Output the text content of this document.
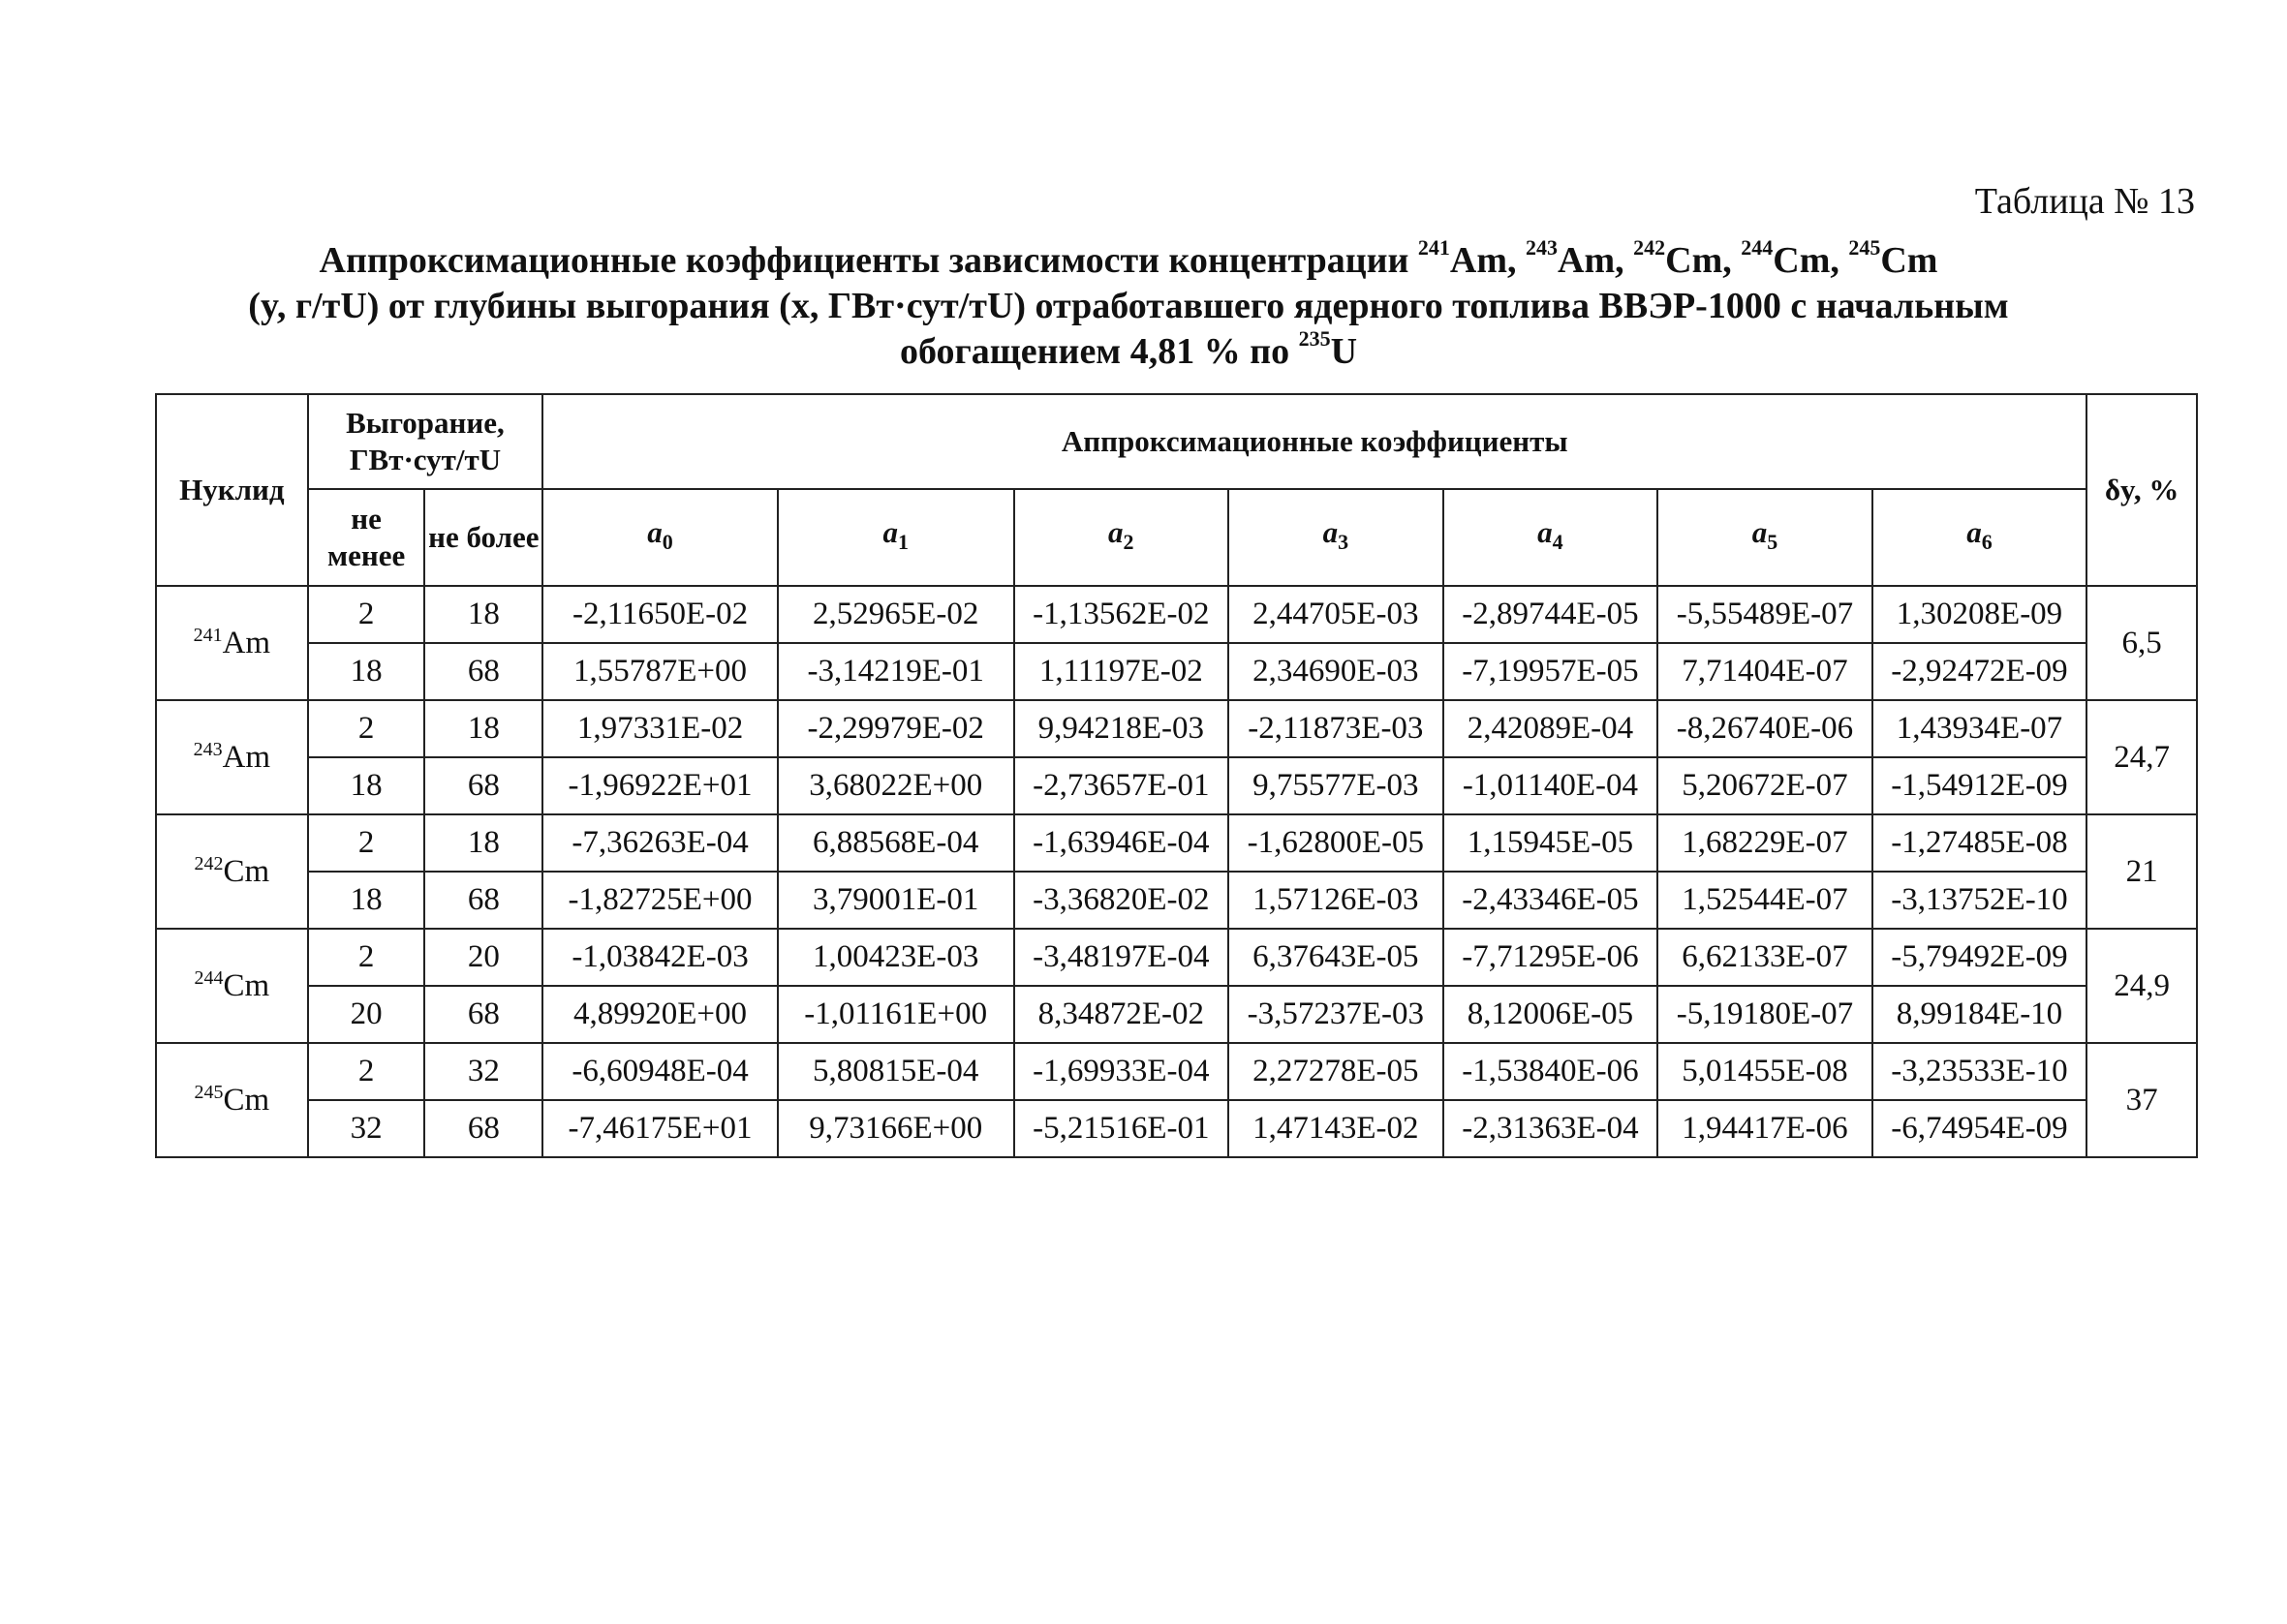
Таблица № 13
Аппроксимационные коэффициенты зависимости концентрации $^{241}$Am, $^{243}$Am, $^{242}$Cm, $^{244}$Cm, $^{245}$Cm
(y, г/тU) от глубины выгорания (x, ГВт·сут/тU) отработавшего ядерного топлива ВВЭР-1000 с начальным
обогащением 4,81 % по $^{235}$U
Нуклид	Выгорание, ГВт·сут/тU		Аппроксимационные коэффициенты							δy, %
	не менее	не более	$a_0$	$a_1$	$a_2$	$a_3$	$a_4$	$a_5$	$a_6$
$^{241}$Am	2	18	-2,11650E-02	2,52965E-02	-1,13562E-02	2,44705E-03	-2,89744E-05	-5,55489E-07	1,30208E-09	6,5
	18	68	1,55787E+00	-3,14219E-01	1,11197E-02	2,34690E-03	-7,19957E-05	7,71404E-07	-2,92472E-09	
$^{243}$Am	2	18	1,97331E-02	-2,29979E-02	9,94218E-03	-2,11873E-03	2,42089E-04	-8,26740E-06	1,43934E-07	24,7
	18	68	-1,96922E+01	3,68022E+00	-2,73657E-01	9,75577E-03	-1,01140E-04	5,20672E-07	-1,54912E-09	
$^{242}$Cm	2	18	-7,36263E-04	6,88568E-04	-1,63946E-04	-1,62800E-05	1,15945E-05	1,68229E-07	-1,27485E-08	21
	18	68	-1,82725E+00	3,79001E-01	-3,36820E-02	1,57126E-03	-2,43346E-05	1,52544E-07	-3,13752E-10	
$^{244}$Cm	2	20	-1,03842E-03	1,00423E-03	-3,48197E-04	6,37643E-05	-7,71295E-06	6,62133E-07	-5,79492E-09	24,9
	20	68	4,89920E+00	-1,01161E+00	8,34872E-02	-3,57237E-03	8,12006E-05	-5,19180E-07	8,99184E-10	
$^{245}$Cm	2	32	-6,60948E-04	5,80815E-04	-1,69933E-04	2,27278E-05	-1,53840E-06	5,01455E-08	-3,23533E-10	37
	32	68	-7,46175E+01	9,73166E+00	-5,21516E-01	1,47143E-02	-2,31363E-04	1,94417E-06	-6,74954E-09	
